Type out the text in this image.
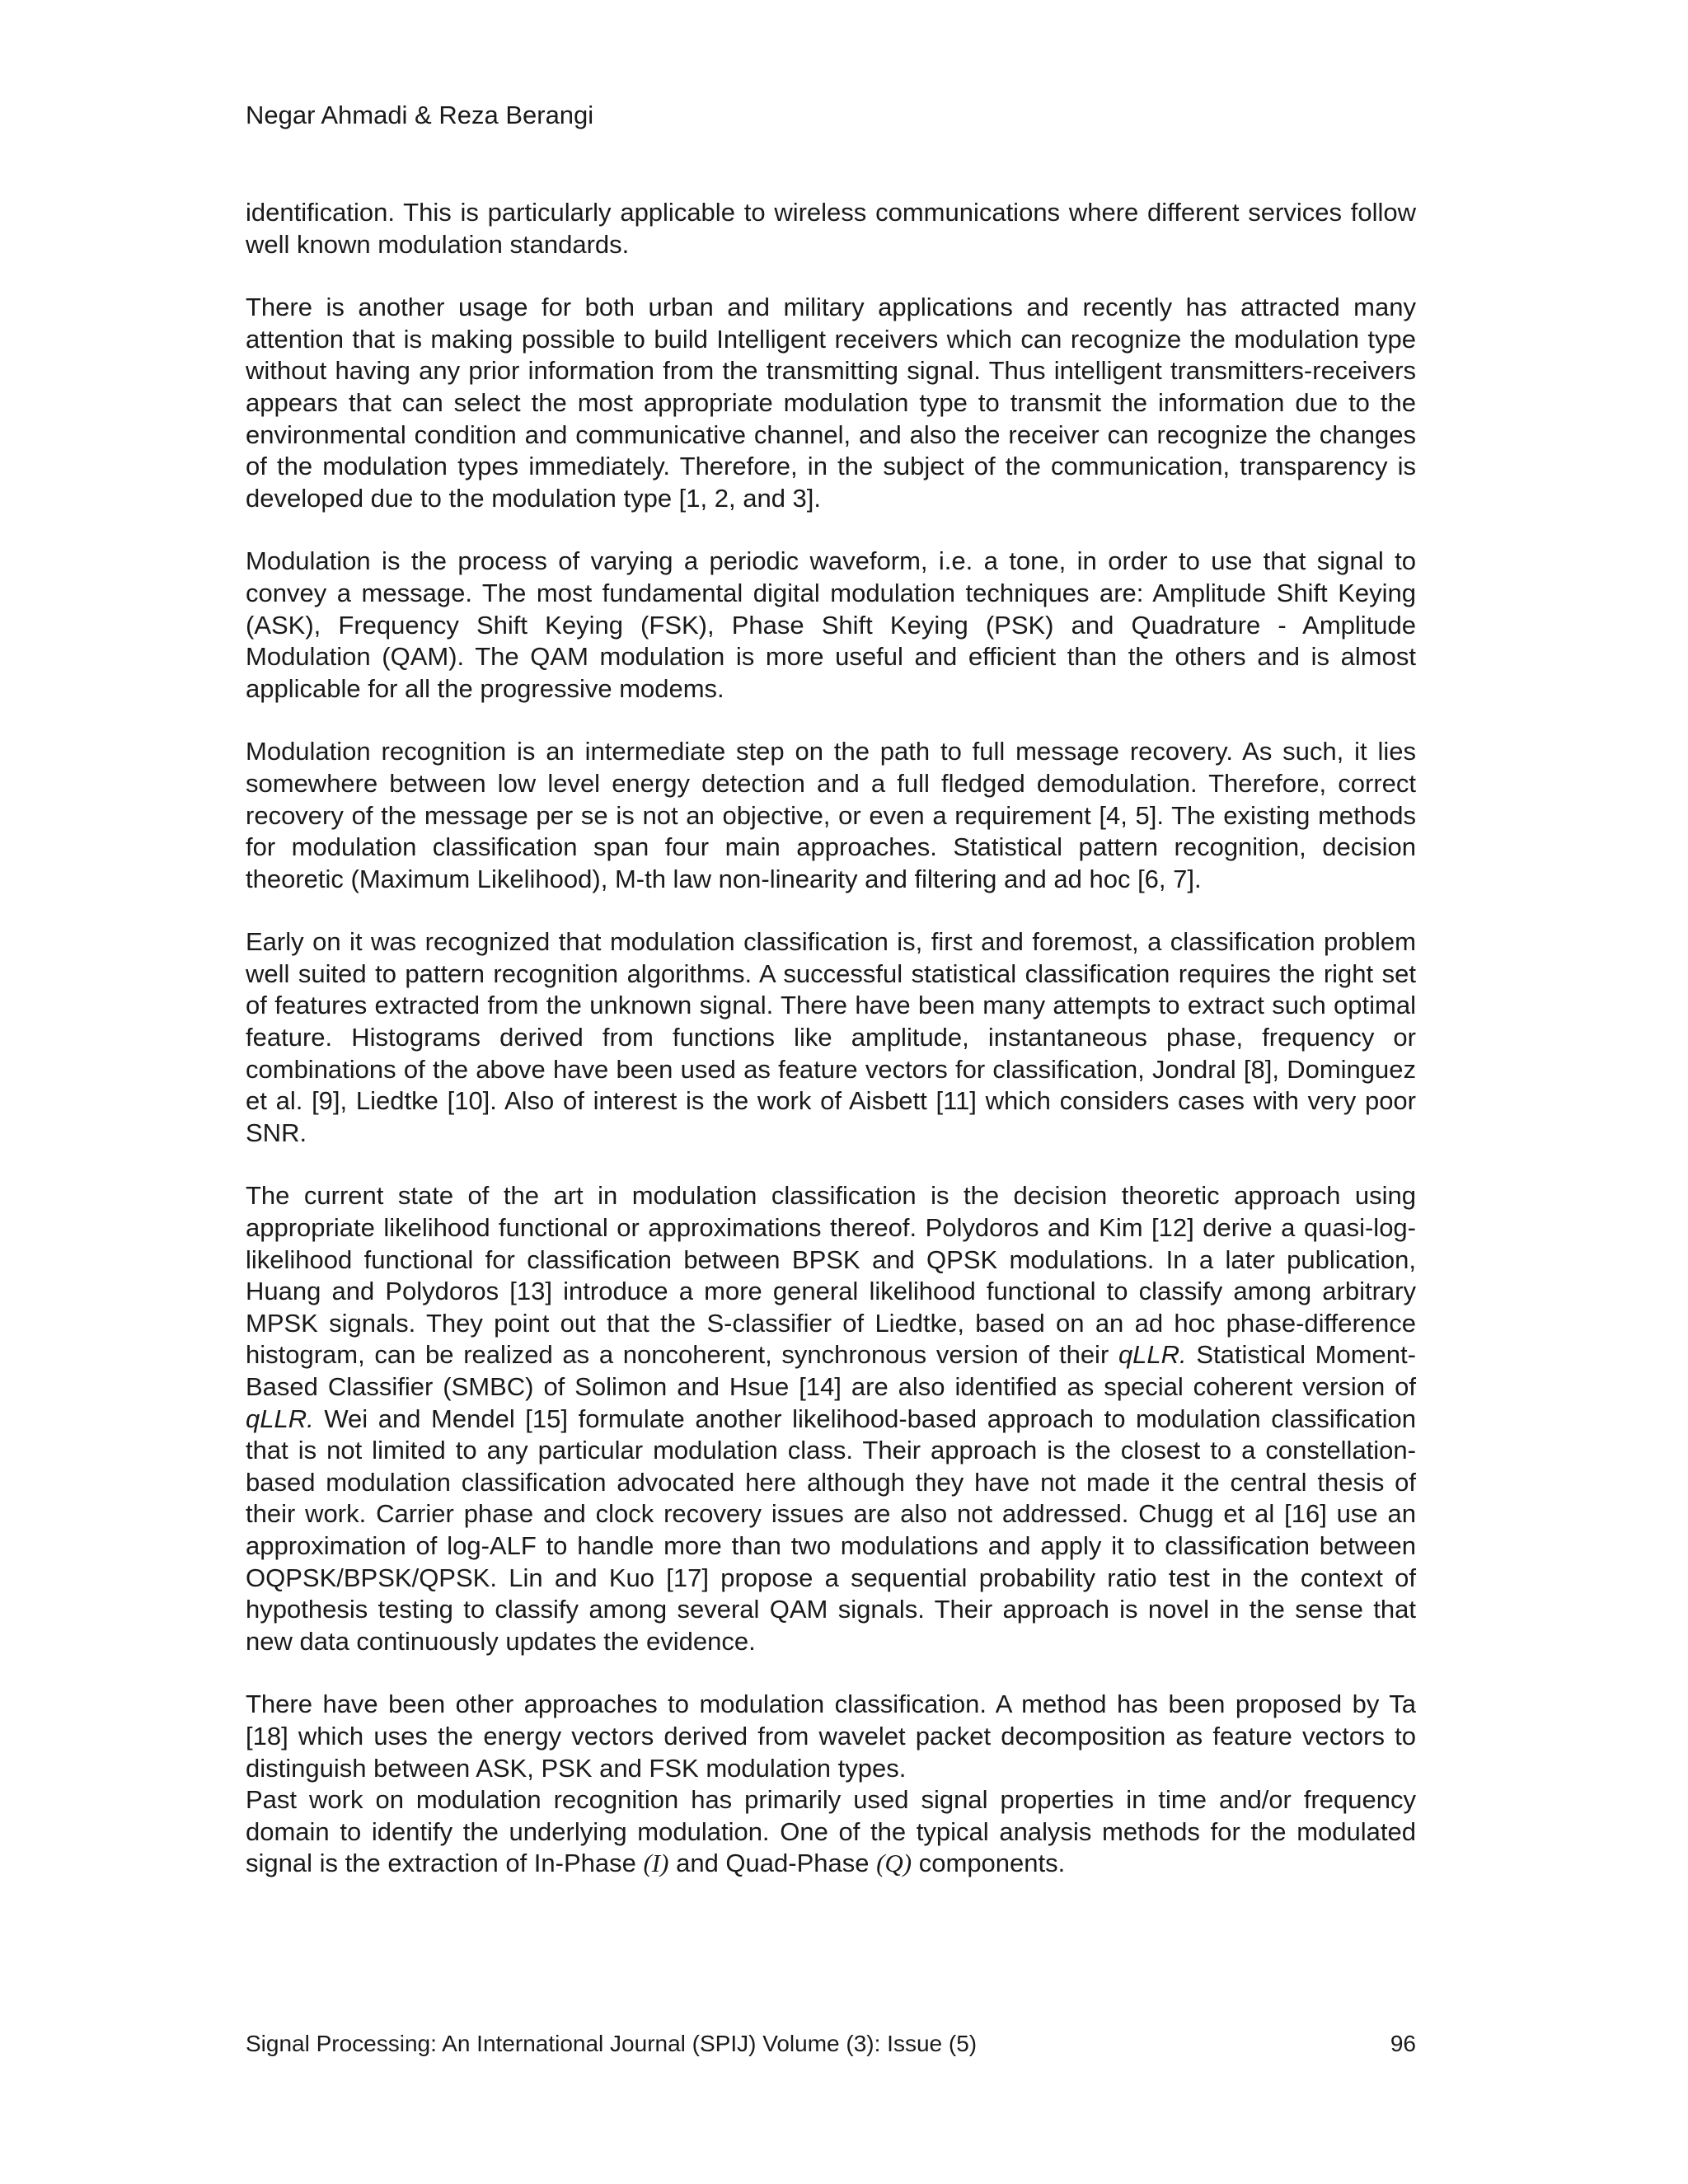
Negar Ahmadi & Reza Berangi

identification. This is particularly applicable to wireless communications where different services follow well known modulation standards.

There is another usage for both urban and military applications and recently has attracted many attention that is making possible to build Intelligent receivers which can recognize the modulation type without having any prior information from the transmitting signal. Thus intelligent transmitters-receivers appears that can select the most appropriate modulation type to transmit the information due to the environmental condition and communicative channel, and also the receiver can recognize the changes of the modulation types immediately. Therefore, in the subject of the communication, transparency is developed due to the modulation type [1, 2, and 3].

Modulation is the process of varying a periodic waveform, i.e. a tone, in order to use that signal to convey a message. The most fundamental digital modulation techniques are: Amplitude Shift Keying (ASK), Frequency Shift Keying (FSK), Phase Shift Keying (PSK) and Quadrature - Amplitude Modulation (QAM). The QAM modulation is more useful and efficient than the others and is almost applicable for all the progressive modems.

Modulation recognition is an intermediate step on the path to full message recovery. As such, it lies somewhere between low level energy detection and a full fledged demodulation. Therefore, correct recovery of the message per se is not an objective, or even a requirement [4, 5]. The existing methods for modulation classification span four main approaches. Statistical pattern recognition, decision theoretic (Maximum Likelihood), M-th law non-linearity and filtering and ad hoc [6, 7].

Early on it was recognized that modulation classification is, first and foremost, a classification problem well suited to pattern recognition algorithms. A successful statistical classification requires the right set of features extracted from the unknown signal. There have been many attempts to extract such optimal feature. Histograms derived from functions like amplitude, instantaneous phase, frequency or combinations of the above have been used as feature vectors for classification, Jondral [8], Dominguez et al. [9], Liedtke [10]. Also of interest is the work of Aisbett [11] which considers cases with very poor SNR.

The current state of the art in modulation classification is the decision theoretic approach using appropriate likelihood functional or approximations thereof. Polydoros and Kim [12] derive a quasi-log-likelihood functional for classification between BPSK and QPSK modulations. In a later publication, Huang and Polydoros [13] introduce a more general likelihood functional to classify among arbitrary MPSK signals. They point out that the S-classifier of Liedtke, based on an ad hoc phase-difference histogram, can be realized as a noncoherent, synchronous version of their qLLR. Statistical Moment-Based Classifier (SMBC) of Solimon and Hsue [14] are also identified as special coherent version of qLLR. Wei and Mendel [15] formulate another likelihood-based approach to modulation classification that is not limited to any particular modulation class. Their approach is the closest to a constellation-based modulation classification advocated here although they have not made it the central thesis of their work. Carrier phase and clock recovery issues are also not addressed. Chugg et al [16] use an approximation of log-ALF to handle more than two modulations and apply it to classification between OQPSK/BPSK/QPSK. Lin and Kuo [17] propose a sequential probability ratio test in the context of hypothesis testing to classify among several QAM signals. Their approach is novel in the sense that new data continuously updates the evidence.

There have been other approaches to modulation classification. A method has been proposed by Ta [18] which uses the energy vectors derived from wavelet packet decomposition as feature vectors to distinguish between ASK, PSK and FSK modulation types.

Past work on modulation recognition has primarily used signal properties in time and/or frequency domain to identify the underlying modulation. One of the typical analysis methods for the modulated signal is the extraction of In-Phase (I) and Quad-Phase (Q) components.

Signal Processing: An International Journal (SPIJ) Volume (3): Issue (5)	96
